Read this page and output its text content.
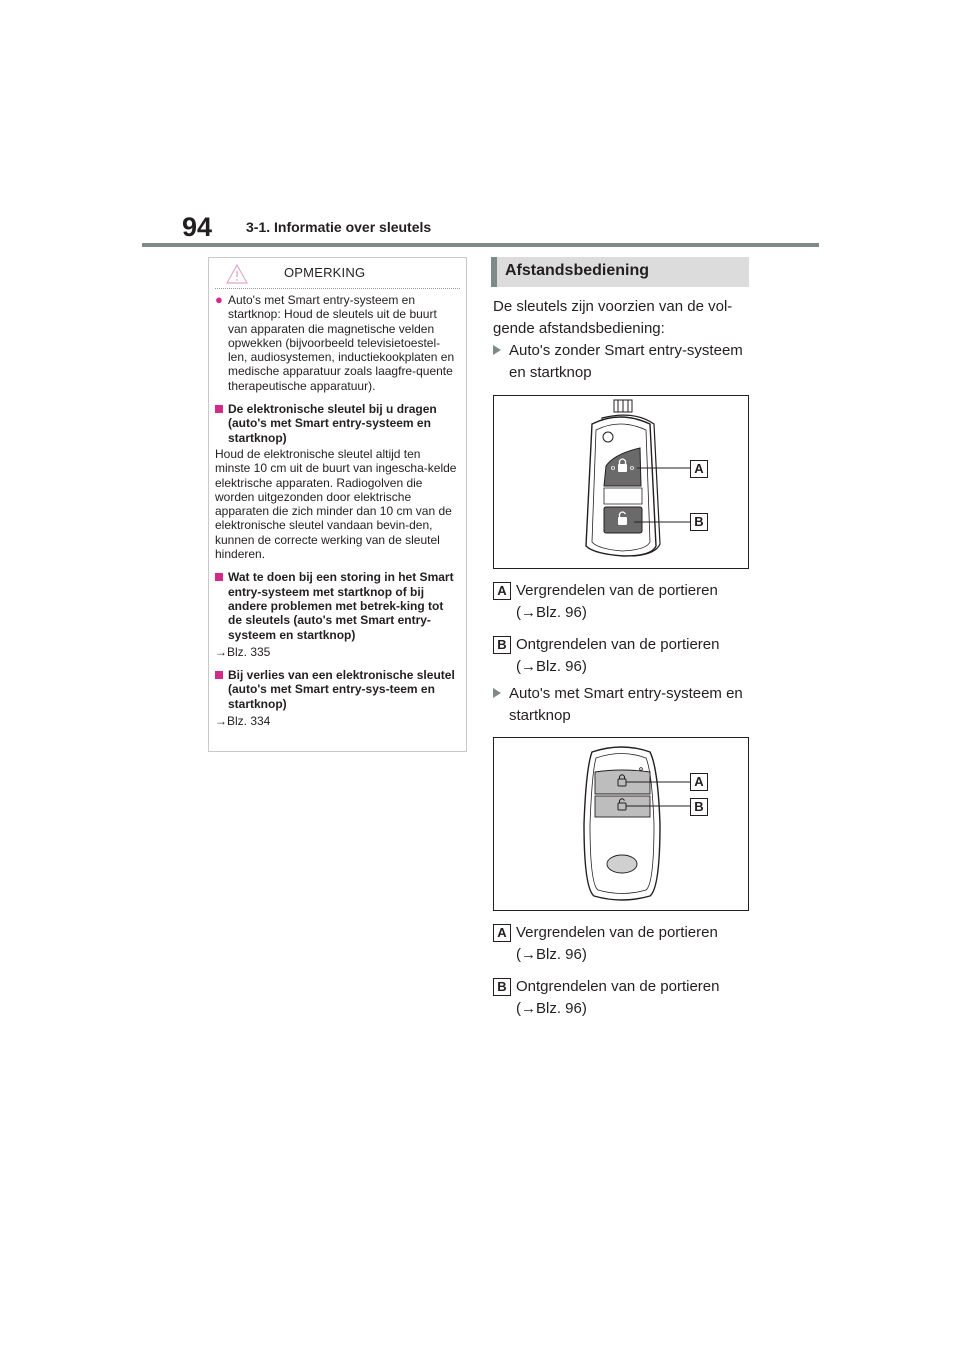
94 3-1. Informatie over sleutels
OPMERKING
● Auto's met Smart entry-systeem en startknop: Houd de sleutels uit de buurt van apparaten die magnetische velden opwekken (bijvoorbeeld televisietoestel-len, audiosystemen, inductiekookplaten en medische apparatuur zoals laagfre-quente therapeutische apparatuur).
De elektronische sleutel bij u dragen (auto's met Smart entry-systeem en startknop)

Houd de elektronische sleutel altijd ten minste 10 cm uit de buurt van ingescha-kelde elektrische apparaten. Radiogolven die worden uitgezonden door elektrische apparaten die zich minder dan 10 cm van de elektronische sleutel vandaan bevin-den, kunnen de correcte werking van de sleutel hinderen.

Wat te doen bij een storing in het Smart entry-systeem met startknop of bij andere problemen met betrek-king tot de sleutels (auto's met Smart entry-systeem en startknop)

→Blz. 335

Bij verlies van een elektronische sleutel (auto's met Smart entry-sys-teem en startknop)

→Blz. 334

Afstandsbediening
De sleutels zijn voorzien van de vol-gende afstandsbediening:
Auto's zonder Smart entry-systeem en startknop
A
B
A Vergrendelen van de portieren
(→Blz. 96)
B Ontgrendelen van de portieren
(→Blz. 96)
Auto's met Smart entry-systeem en startknop
A
B
A Vergrendelen van de portieren
(→Blz. 96)
B Ontgrendelen van de portieren
(→Blz. 96)
